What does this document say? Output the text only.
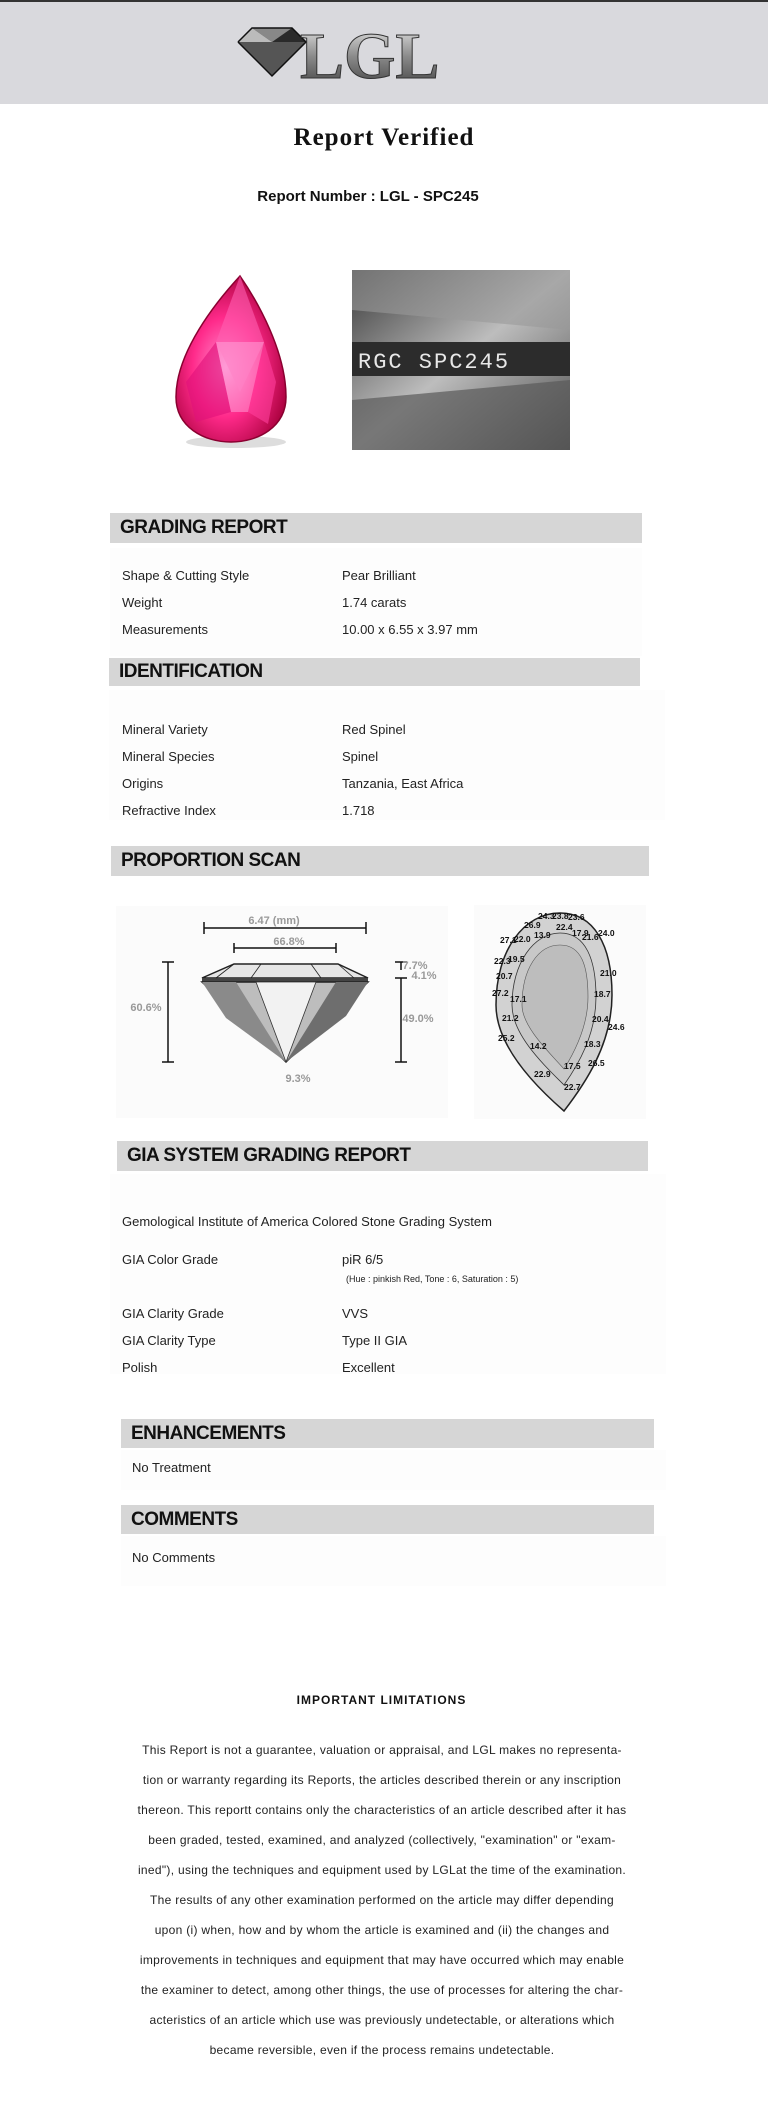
LGL
Report Verified
Report Number : LGL - SPC245
RGC SPC245
GRADING REPORT
Shape & Cutting Style	Pear Brilliant
Weight	1.74 carats
Measurements	10.00 x 6.55 x 3.97 mm
IDENTIFICATION
Mineral Variety	Red Spinel
Mineral Species	Spinel
Origins	Tanzania, East Africa
Refractive Index	1.718
PROPORTION SCAN
6.47 (mm)
66.8%
60.6%
49.0%
7.7%
4.1%
9.3%
24.3
23.8 23.6
26.9 22.4
17.9
27.1
22.0 13.9	21.6 24.0
22.3
19.5
20.7	21.0
27.2
17.1	18.7
21.2	20.4
24.6
25.2
14.2	18.3
17.5 26.5
22.9
22.7
GIA SYSTEM GRADING REPORT
Gemological Institute of America Colored Stone Grading System
GIA Color Grade	piR 6/5
(Hue : pinkish Red, Tone : 6, Saturation : 5)
GIA Clarity Grade	VVS
GIA Clarity Type	Type II GIA
Polish	Excellent
ENHANCEMENTS
No Treatment
COMMENTS
No Comments
IMPORTANT LIMITATIONS
This Report is not a guarantee, valuation or appraisal, and LGL makes no representa-
tion or warranty regarding its Reports, the articles described therein or any inscription
thereon. This reportt contains only the characteristics of an article described after it has
been graded, tested, examined, and analyzed (collectively, "examination" or "exam-
ined"), using the techniques and equipment used by LGLat the time of the examination.
The results of any other examination performed on the article may differ depending
upon (i) when, how and by whom the article is examined and (ii) the changes and
improvements in techniques and equipment that may have occurred which may enable
the examiner to detect, among other things, the use of processes for altering the char-
acteristics of an article which use was previously undetectable, or alterations which
became reversible, even if the process remains undetectable.
